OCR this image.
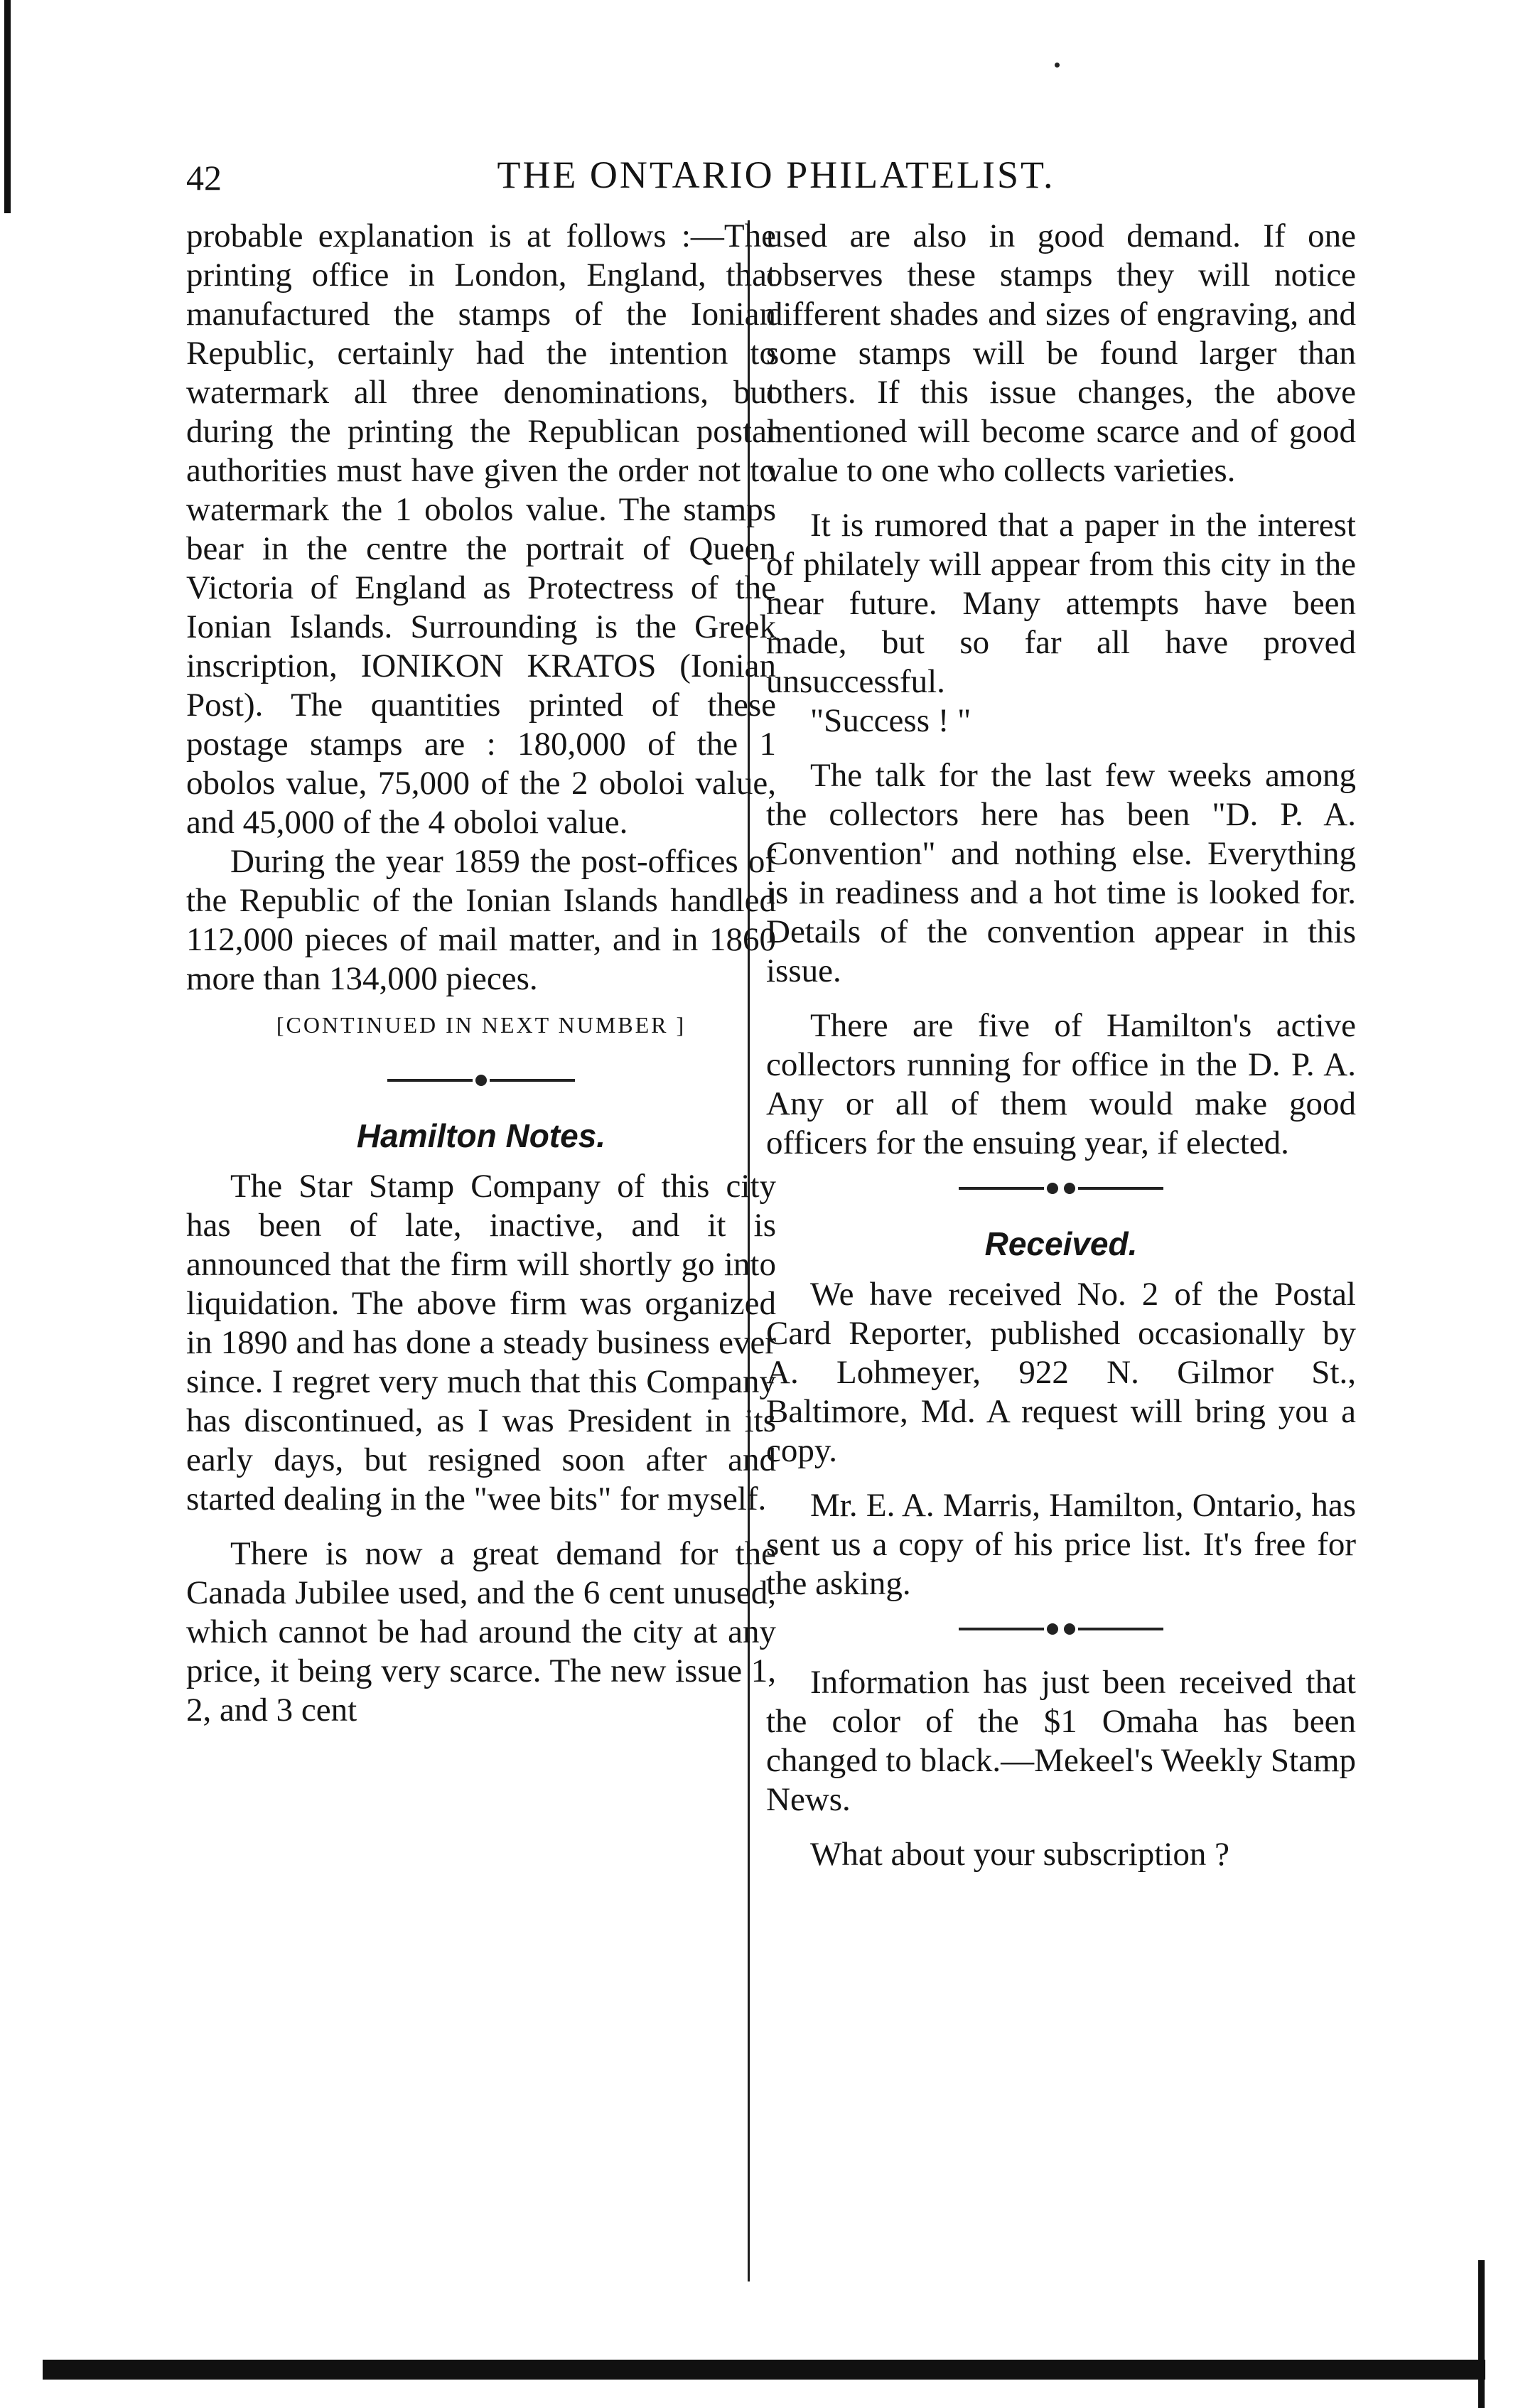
42	THE ONTARIO PHILATELIST.

probable explanation is at follows :—The printing office in London, England, that manufactured the stamps of the Ionian Republic, certainly had the intention to watermark all three denominations, but during the printing the Republican postal authorities must have given the order not to watermark the 1 obolos value. The stamps bear in the centre the portrait of Queen Victoria of England as Protectress of the Ionian Islands. Surrounding is the Greek inscription, IONIKON KRATOS (Ionian Post). The quantities printed of these postage stamps are : 180,000 of the 1 obolos value, 75,000 of the 2 oboloi value, and 45,000 of the 4 oboloi value.

During the year 1859 the post-offices of the Republic of the Ionian Islands handled 112,000 pieces of mail matter, and in 1860 more than 134,000 pieces.

[CONTINUED IN NEXT NUMBER ]
Hamilton Notes.

The Star Stamp Company of this city has been of late, inactive, and it is announced that the firm will shortly go into liquidation. The above firm was organized in 1890 and has done a steady business ever since. I regret very much that this Company has discontinued, as I was President in its early days, but resigned soon after and started dealing in the "wee bits" for myself.

There is now a great demand for the Canada Jubilee used, and the 6 cent unused, which cannot be had around the city at any price, it being very scarce. The new issue 1, 2, and 3 cent

used are also in good demand. If one observes these stamps they will notice different shades and sizes of engraving, and some stamps will be found larger than others. If this issue changes, the above mentioned will become scarce and of good value to one who collects varieties.

It is rumored that a paper in the interest of philately will appear from this city in the near future. Many attempts have been made, but so far all have proved unsuccessful.

"Success ! "

The talk for the last few weeks among the collectors here has been "D. P. A. Convention" and nothing else. Everything is in readiness and a hot time is looked for. Details of the convention appear in this issue.

There are five of Hamilton's active collectors running for office in the D. P. A. Any or all of them would make good officers for the ensuing year, if elected.

Received.

We have received No. 2 of the Postal Card Reporter, published occasionally by A. Lohmeyer, 922 N. Gilmor St., Baltimore, Md. A request will bring you a copy.

Mr. E. A. Marris, Hamilton, Ontario, has sent us a copy of his price list. It's free for the asking.

Information has just been received that the color of the $1 Omaha has been changed to black.—Mekeel's Weekly Stamp News.

What about your subscription ?
